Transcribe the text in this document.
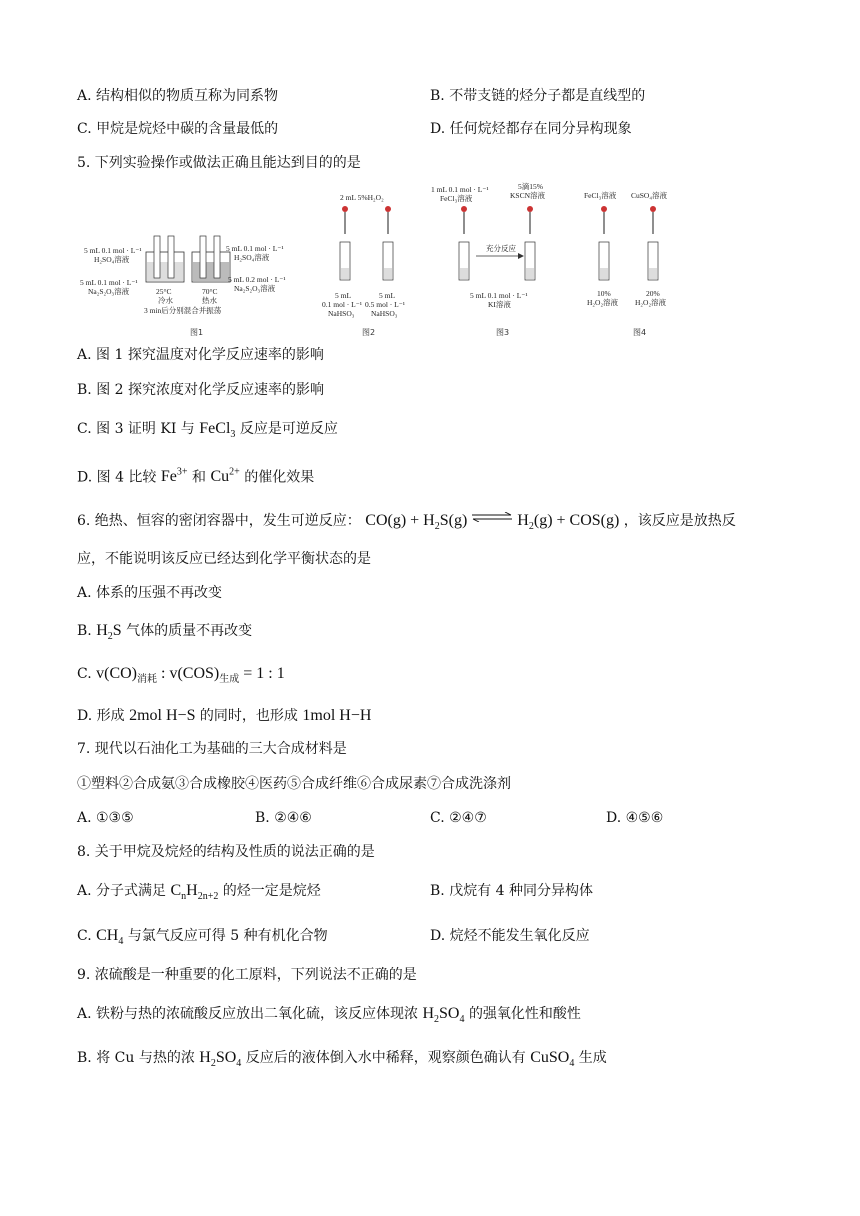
A. 结构相似的物质互称为同系物	B. 不带支链的烃分子都是直线型的
C. 甲烷是烷烃中碳的含量最低的	D. 任何烷烃都存在同分异构现象
5. 下列实验操作或做法正确且能达到目的的是
5 mL 0.1 mol · L⁻¹
H₂SO₄溶液
5 mL 0.1 mol · L⁻¹
Na₂S₂O₃溶液	25°C
冷水
70°C
热水
5 mL 0.1 mol · L⁻¹
H₂SO₄溶液
5 mL 0.2 mol · L⁻¹
Na₂S₂O₃溶液
3 min后分别混合并振荡
图1
2 mL 5%H₂O₂
5 mL
0.1 mol · L⁻¹
NaHSO₃
5 mL
0.5 mol · L⁻¹
NaHSO₃
图2
1 mL 0.1 mol · L⁻¹
FeCl₃溶液
5滴15%
KSCN溶液
充分反应
5 mL 0.1 mol · L⁻¹
KI溶液
图3
FeCl₃溶液 CuSO₄溶液
10%
H₂O₂溶液
20%
H₂O₂溶液
图4
A. 图 1 探究温度对化学反应速率的影响
B. 图 2 探究浓度对化学反应速率的影响
C. 图 3 证明 KI 与 FeCl$_3$ 反应是可逆反应
D. 图 4 比较 $Fe^{3+}$ 和 $Cu^{2+}$ 的催化效果
6. 绝热、恒容的密闭容器中，发生可逆反应： $CO(g) + H_2S(g)$	$H_2(g) + COS(g)$ ，该反应是放热反
应，不能说明该反应已经达到化学平衡状态的是
A. 体系的压强不再改变
B. $H_2S$ 气体的质量不再改变
C. $v(CO)_{消耗}$ : $v(COS)_{生成} = 1$ : 1
D. 形成 2mol H−S 的同时，也形成 1mol H−H
7. 现代以石油化工为基础的三大合成材料是
①塑料②合成氨③合成橡胶④医药⑤合成纤维⑥合成尿素⑦合成洗涤剂
A. ①③⑤	B. ②④⑥	C. ②④⑦	D. ④⑤⑥
8. 关于甲烷及烷烃的结构及性质的说法正确的是
A. 分子式满足 $C_nH_{2n+2}$ 的烃一定是烷烃	B. 戊烷有 4 种同分异构体
C. $CH_4$ 与氯气反应可得 5 种有机化合物	D. 烷烃不能发生氧化反应
9. 浓硫酸是一种重要的化工原料，下列说法不正确的是
A. 铁粉与热的浓硫酸反应放出二氧化硫，该反应体现浓 $H_2SO_4$ 的强氧化性和酸性
B. 将 Cu 与热的浓 $H_2SO_4$ 反应后的液体倒入水中稀释，观察颜色确认有 CuSO$_4$ 生成
